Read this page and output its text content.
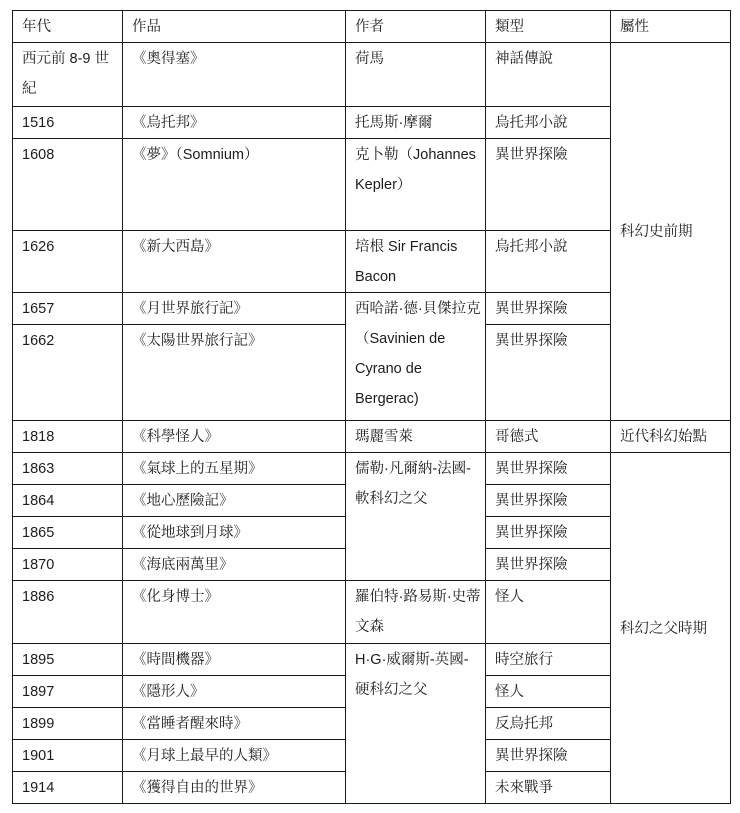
年代	作品	作者	類型	屬性
西元前 8-9 世紀	《奧得塞》	荷馬	神話傳說	科幻史前期
1516	《烏托邦》	托馬斯·摩爾	烏托邦小說	
1608	《夢》（Somnium）	克卜勒（Johannes Kepler）	異世界探險	
1626	《新大西島》	培根 Sir Francis Bacon	烏托邦小說	
1657	《月世界旅行記》	西哈諾·德·貝傑拉克（Savinien de Cyrano de Bergerac)	異世界探險	
1662	《太陽世界旅行記》		異世界探險	
1818	《科學怪人》	瑪麗雪萊	哥德式	近代科幻始點
1863	《氣球上的五星期》	儒勒·凡爾納-法國-軟科幻之父	異世界探險	科幻之父時期
1864	《地心歷險記》		異世界探險	
1865	《從地球到月球》		異世界探險	
1870	《海底兩萬里》		異世界探險	
1886	《化身博士》	羅伯特·路易斯·史蒂文森	怪人	
1895	《時間機器》	H·G·威爾斯-英國-硬科幻之父	時空旅行	
1897	《隱形人》		怪人	
1899	《當睡者醒來時》		反烏托邦	
1901	《月球上最早的人類》		異世界探險	
1914	《獲得自由的世界》		未來戰爭	
